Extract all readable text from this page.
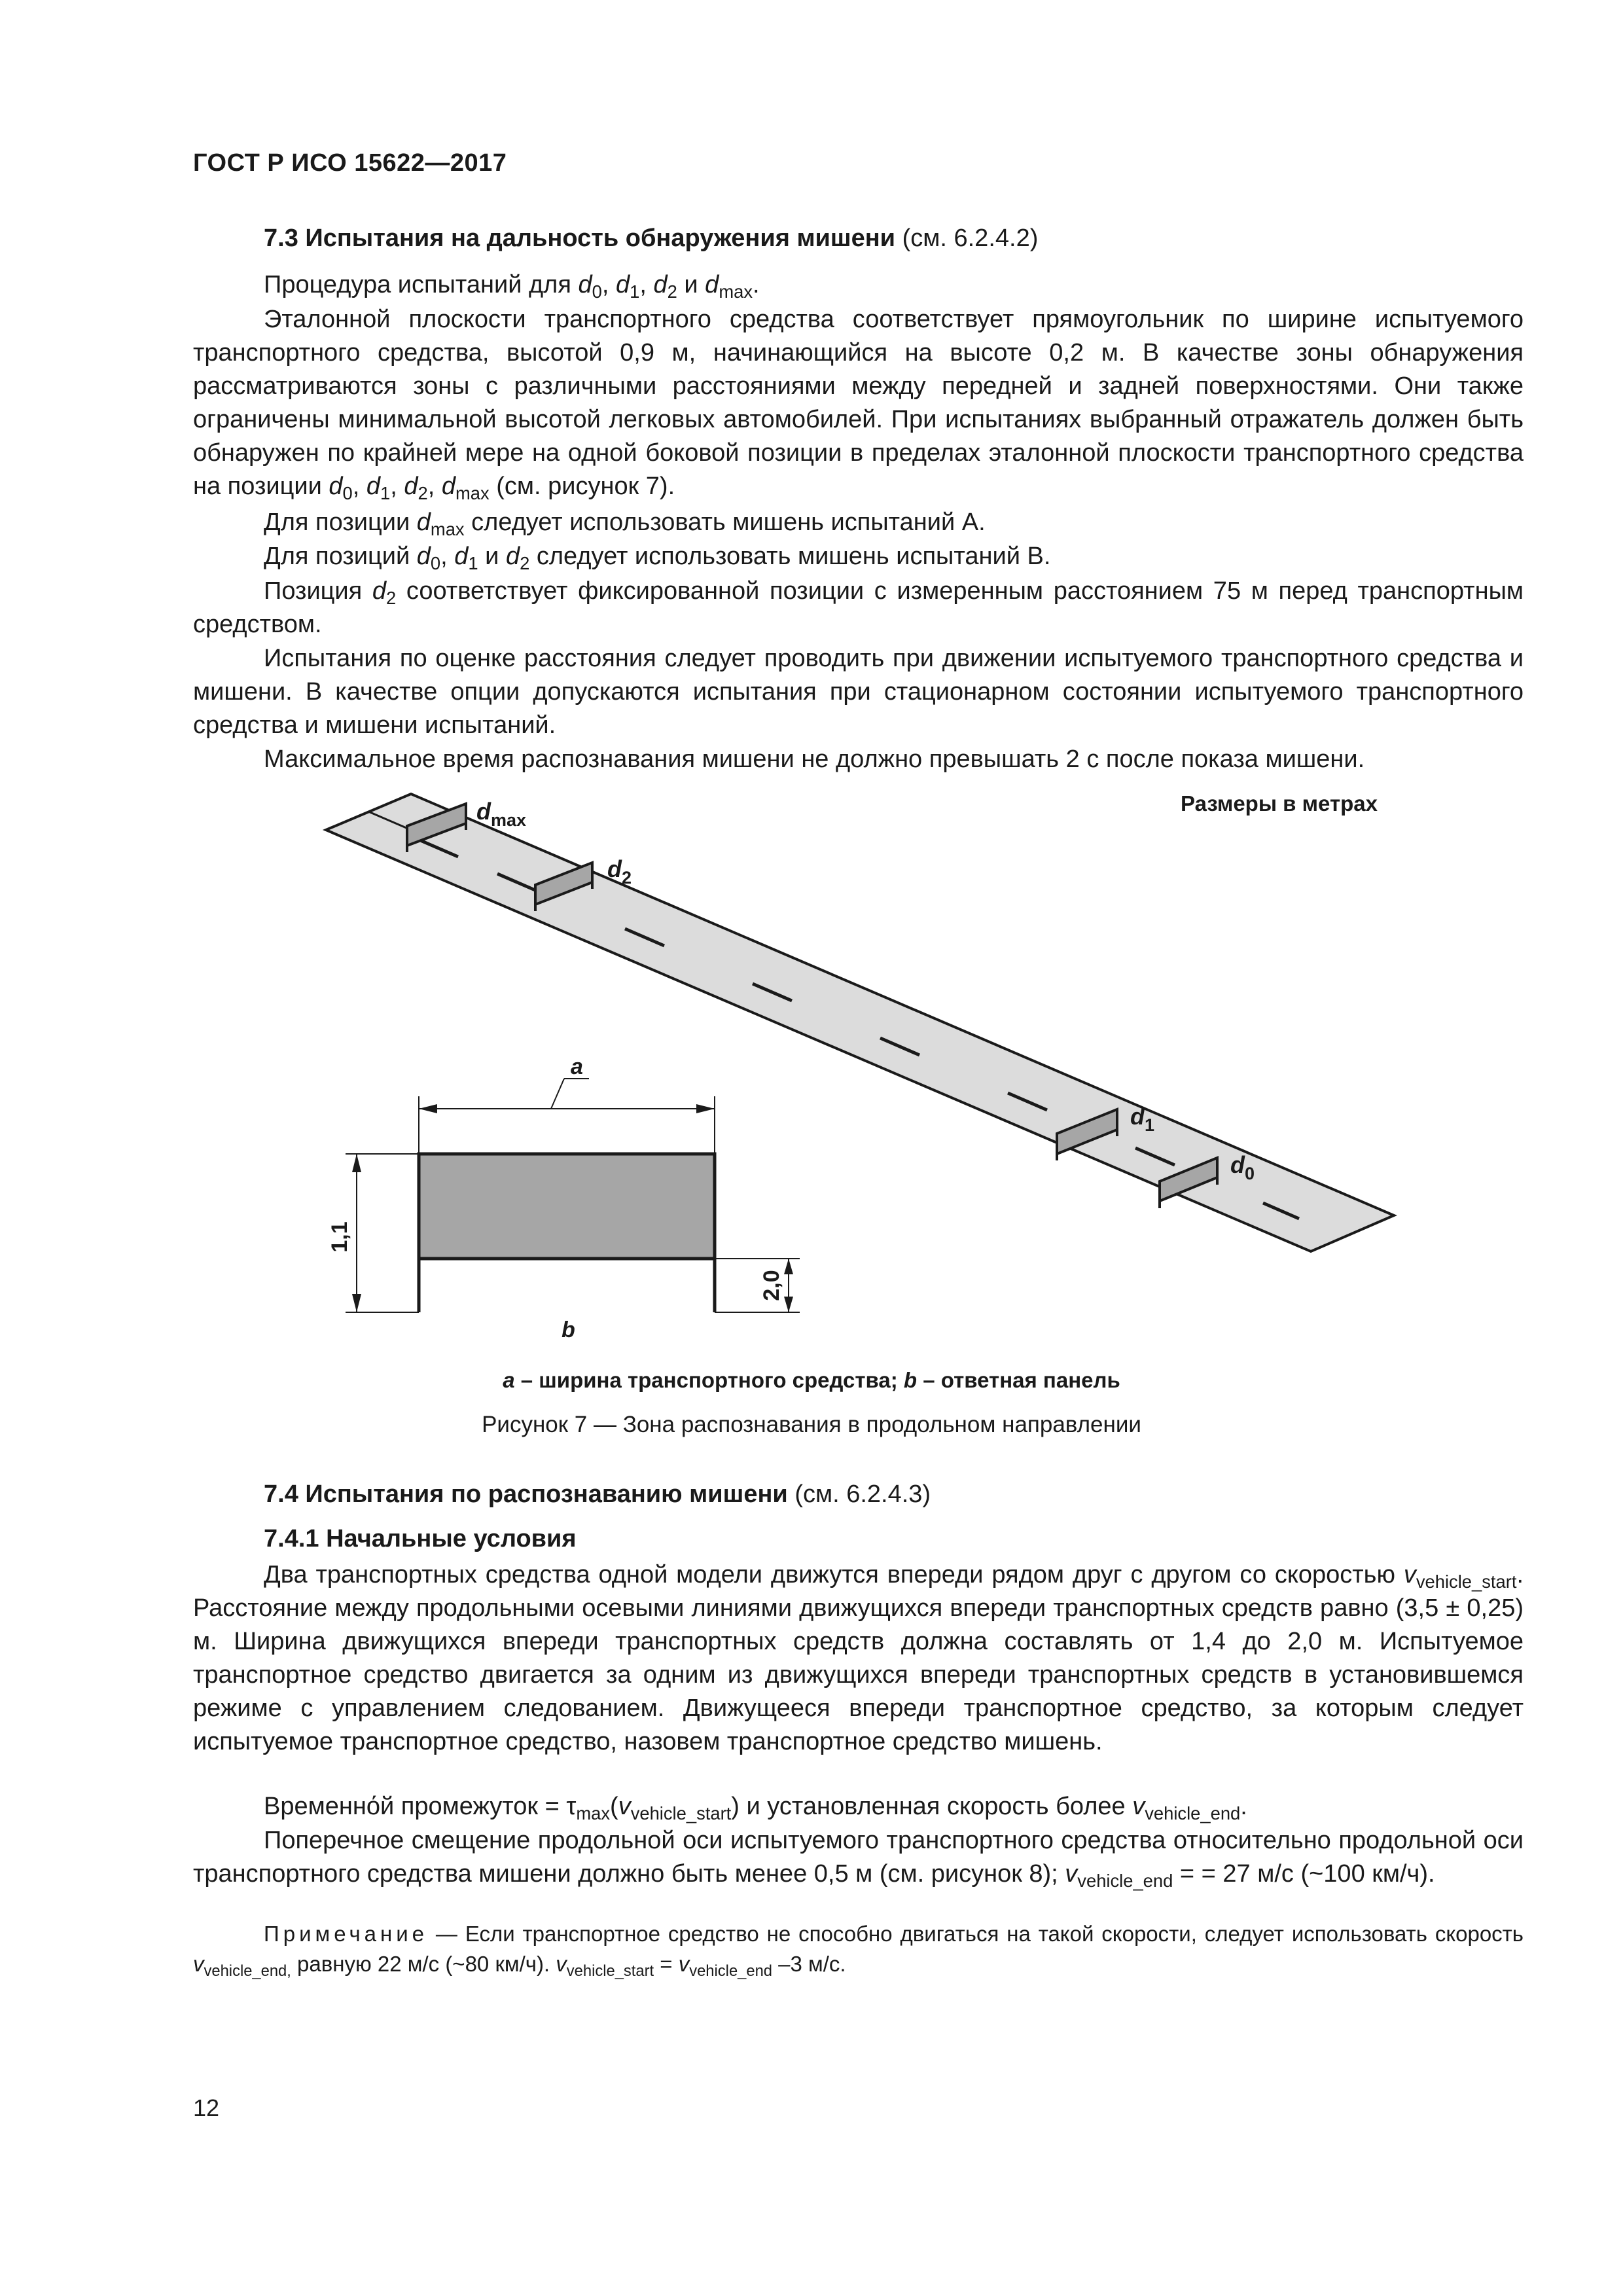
ГОСТ Р ИСО 15622—2017
7.3 Испытания на дальность обнаружения мишени (см. 6.2.4.2)

Процедура испытаний для $d_0$, $d_1$, $d_2$ и $d_{max}$.

Эталонной плоскости транспортного средства соответствует прямоугольник по ширине испытуемого транспортного средства, высотой 0,9 м, начинающийся на высоте 0,2 м. В качестве зоны обнаружения рассматриваются зоны с различными расстояниями между передней и задней поверхностями. Они также ограничены минимальной высотой легковых автомобилей. При испытаниях выбранный отражатель должен быть обнаружен по крайней мере на одной боковой позиции в пределах эталонной плоскости транспортного средства на позиции $d_0$, $d_1$, $d_2$, $d_{max}$ (см. рисунок 7).

Для позиции $d_{max}$ следует использовать мишень испытаний А.

Для позиций $d_0$, $d_1$ и $d_2$ следует использовать мишень испытаний В.

Позиция $d_2$ соответствует фиксированной позиции с измеренным расстоянием 75 м перед транспортным средством.

Испытания по оценке расстояния следует проводить при движении испытуемого транспортного средства и мишени. В качестве опции допускаются испытания при стационарном состоянии испытуемого транспортного средства и мишени испытаний.

Максимальное время распознавания мишени не должно превышать 2 с после показа мишени.

$d_{max}$
$d_2$
$d_1$
$d_0$
Размеры в метрах
a
1,1
2,0
b
a – ширина транспортного средства; b – ответная панель
Рисунок 7 — Зона распознавания в продольном направлении
7.4 Испытания по распознаванию мишени (см. 6.2.4.3)
7.4.1 Начальные условия

Два транспортных средства одной модели движутся впереди рядом друг с другом со скоростью $v_{vehicle\_start}$. Расстояние между продольными осевыми линиями движущихся впереди транспортных средств равно (3,5 ± 0,25) м. Ширина движущихся впереди транспортных средств должна составлять от 1,4 до 2,0 м. Испытуемое транспортное средство двигается за одним из движущихся впереди транспортных средств в установившемся режиме с управлением следованием. Движущееся впереди транспортное средство, за которым следует испытуемое транспортное средство, назовем транспортное средство мишень.

Временнόй промежуток = $\tau_{max}(v_{vehicle\_start})$ и установленная скорость более $v_{vehicle\_end}$.

Поперечное смещение продольной оси испытуемого транспортного средства относительно продольной оси транспортного средства мишени должно быть менее 0,5 м (см. рисунок 8); $v_{vehicle\_end}$ = = 27 м/с (~100 км/ч).

Примечание — Если транспортное средство не способно двигаться на такой скорости, следует использовать скорость $v_{vehicle\_end,}$ равную 22 м/с (~80 км/ч). $v_{vehicle\_start} = v_{vehicle\_end}$ –3 м/с.

12
